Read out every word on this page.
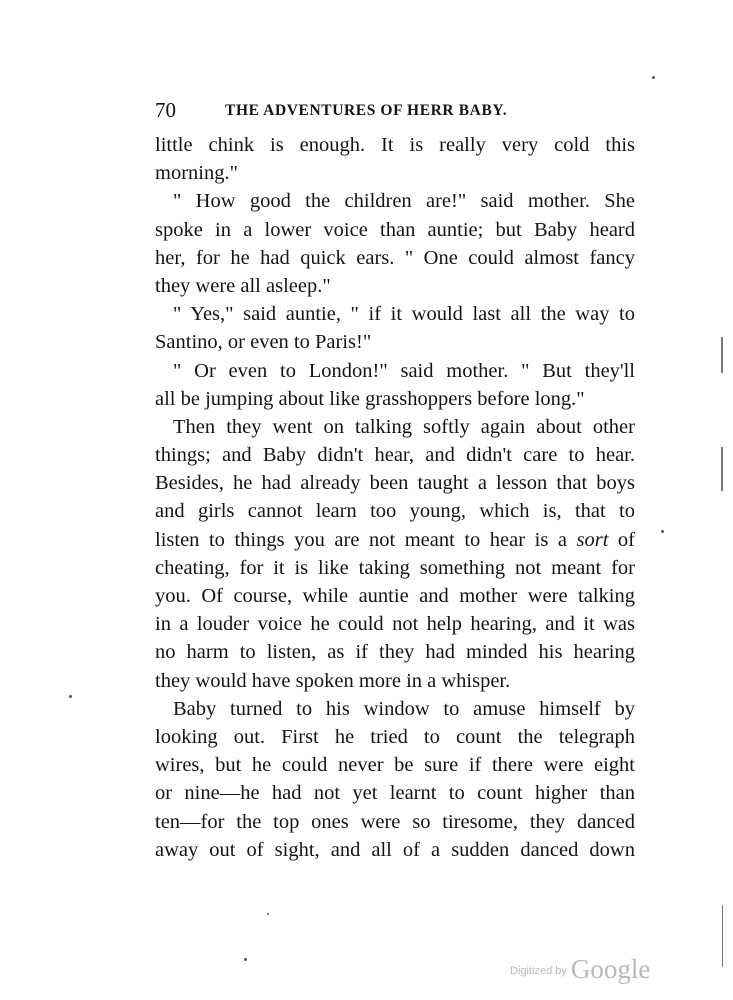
70	THE ADVENTURES OF HERR BABY.
little chink is enough. It is really very cold this
morning."
" How good the children are!" said mother. She
spoke in a lower voice than auntie; but Baby heard
her, for he had quick ears. " One could almost fancy
they were all asleep."
" Yes," said auntie, " if it would last all the way to
Santino, or even to Paris!"
" Or even to London!" said mother. " But they'll
all be jumping about like grasshoppers before long."
Then they went on talking softly again about other
things; and Baby didn't hear, and didn't care to hear.
Besides, he had already been taught a lesson that boys
and girls cannot learn too young, which is, that to
listen to things you are not meant to hear is a sort of
cheating, for it is like taking something not meant for
you. Of course, while auntie and mother were talking
in a louder voice he could not help hearing, and it was
no harm to listen, as if they had minded his hearing
they would have spoken more in a whisper.
Baby turned to his window to amuse himself by
looking out. First he tried to count the telegraph
wires, but he could never be sure if there were eight
or nine—he had not yet learnt to count higher than
ten—for the top ones were so tiresome, they danced
away out of sight, and all of a sudden danced down
$^{Digitized by}$ Google
